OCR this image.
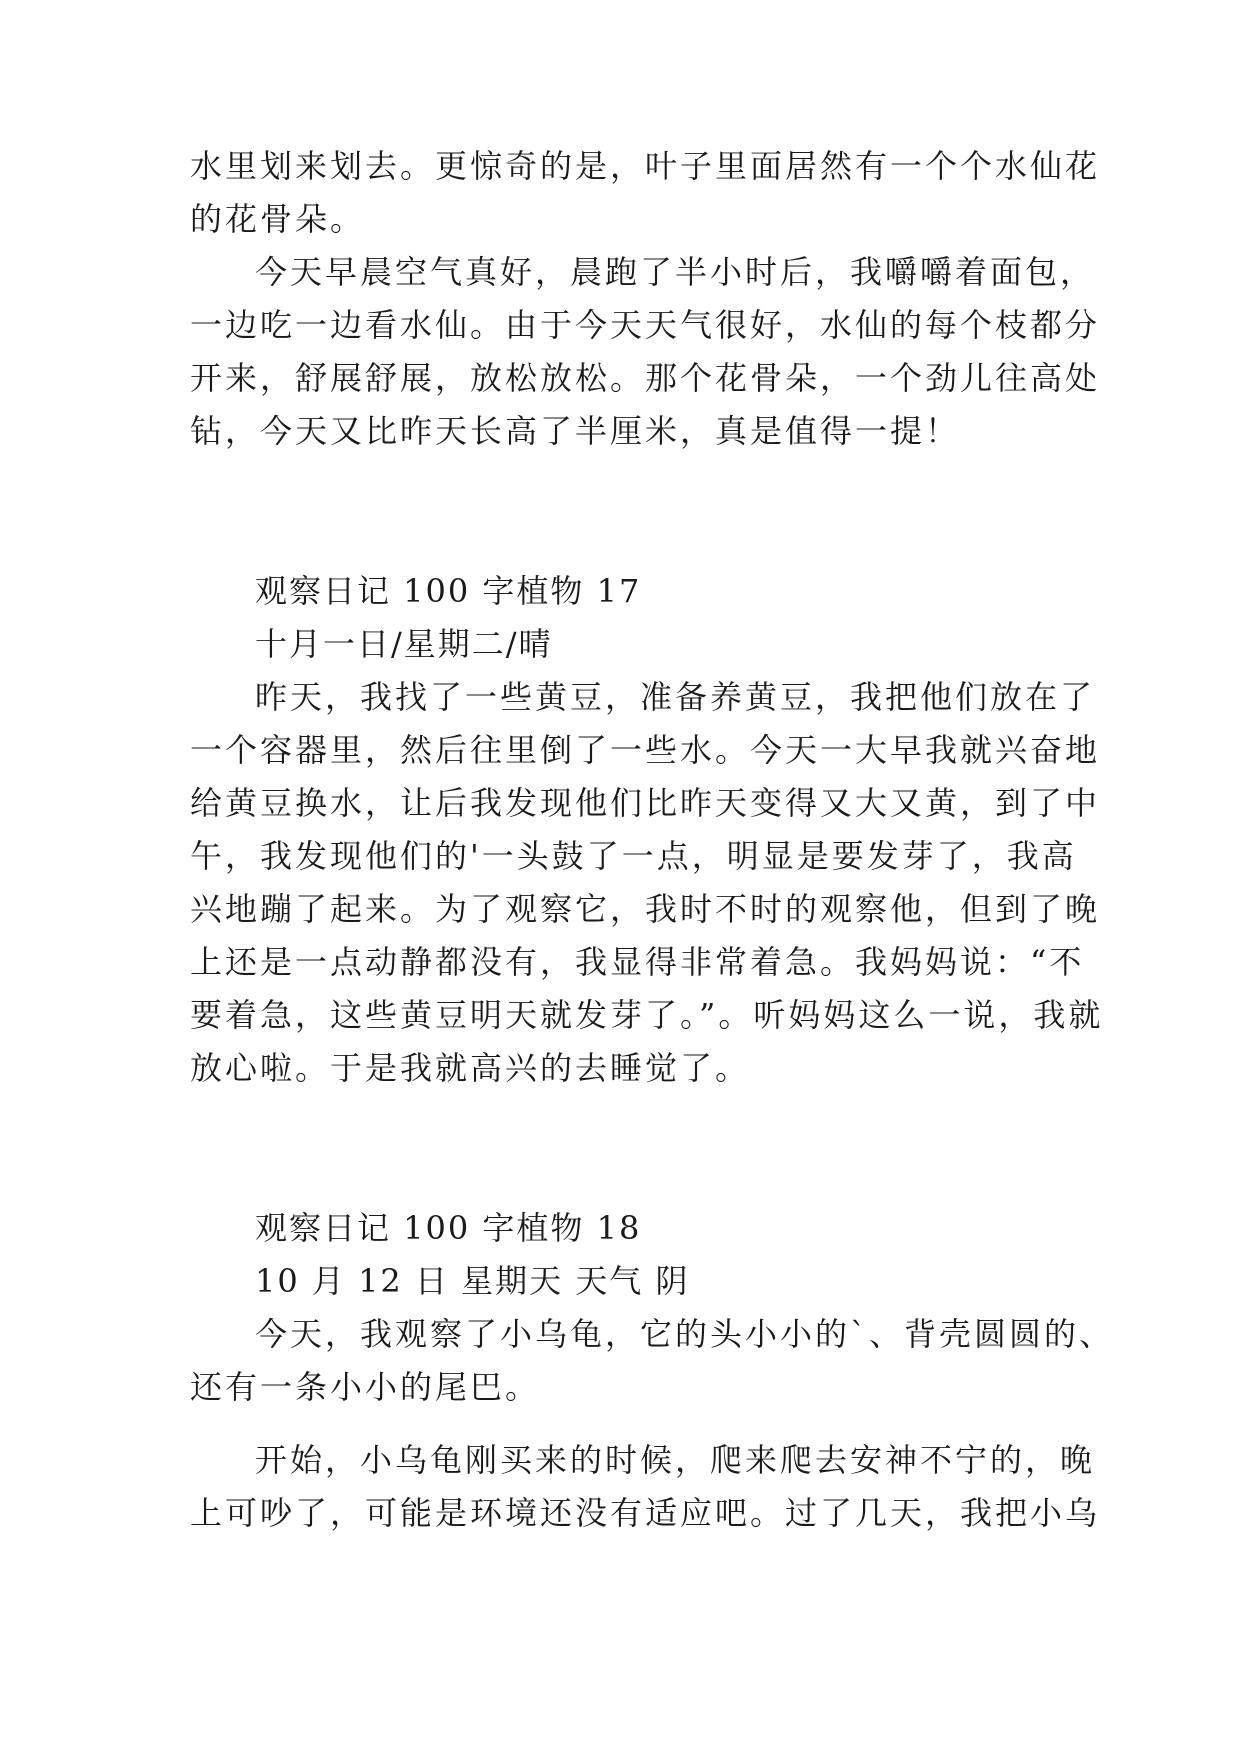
水里划来划去。更惊奇的是，叶子里面居然有一个个水仙花
的花骨朵。
今天早晨空气真好，晨跑了半小时后，我嚼嚼着面包，
一边吃一边看水仙。由于今天天气很好，水仙的每个枝都分
开来，舒展舒展，放松放松。那个花骨朵，一个劲儿往高处
钻，今天又比昨天长高了半厘米，真是值得一提！
观察日记 100 字植物 17
十月一日/星期二/晴
昨天，我找了一些黄豆，准备养黄豆，我把他们放在了
一个容器里，然后往里倒了一些水。今天一大早我就兴奋地
给黄豆换水，让后我发现他们比昨天变得又大又黄，到了中
午，我发现他们的'一头鼓了一点，明显是要发芽了，我高
兴地蹦了起来。为了观察它，我时不时的观察他，但到了晚
上还是一点动静都没有，我显得非常着急。我妈妈说：“不
要着急，这些黄豆明天就发芽了。”。听妈妈这么一说，我就
放心啦。于是我就高兴的去睡觉了。
观察日记 100 字植物 18
10 月 12 日 星期天 天气 阴
今天，我观察了小乌龟，它的头小小的`、背壳圆圆的、
还有一条小小的尾巴。
开始，小乌龟刚买来的时候，爬来爬去安神不宁的，晚
上可吵了，可能是环境还没有适应吧。过了几天，我把小乌
